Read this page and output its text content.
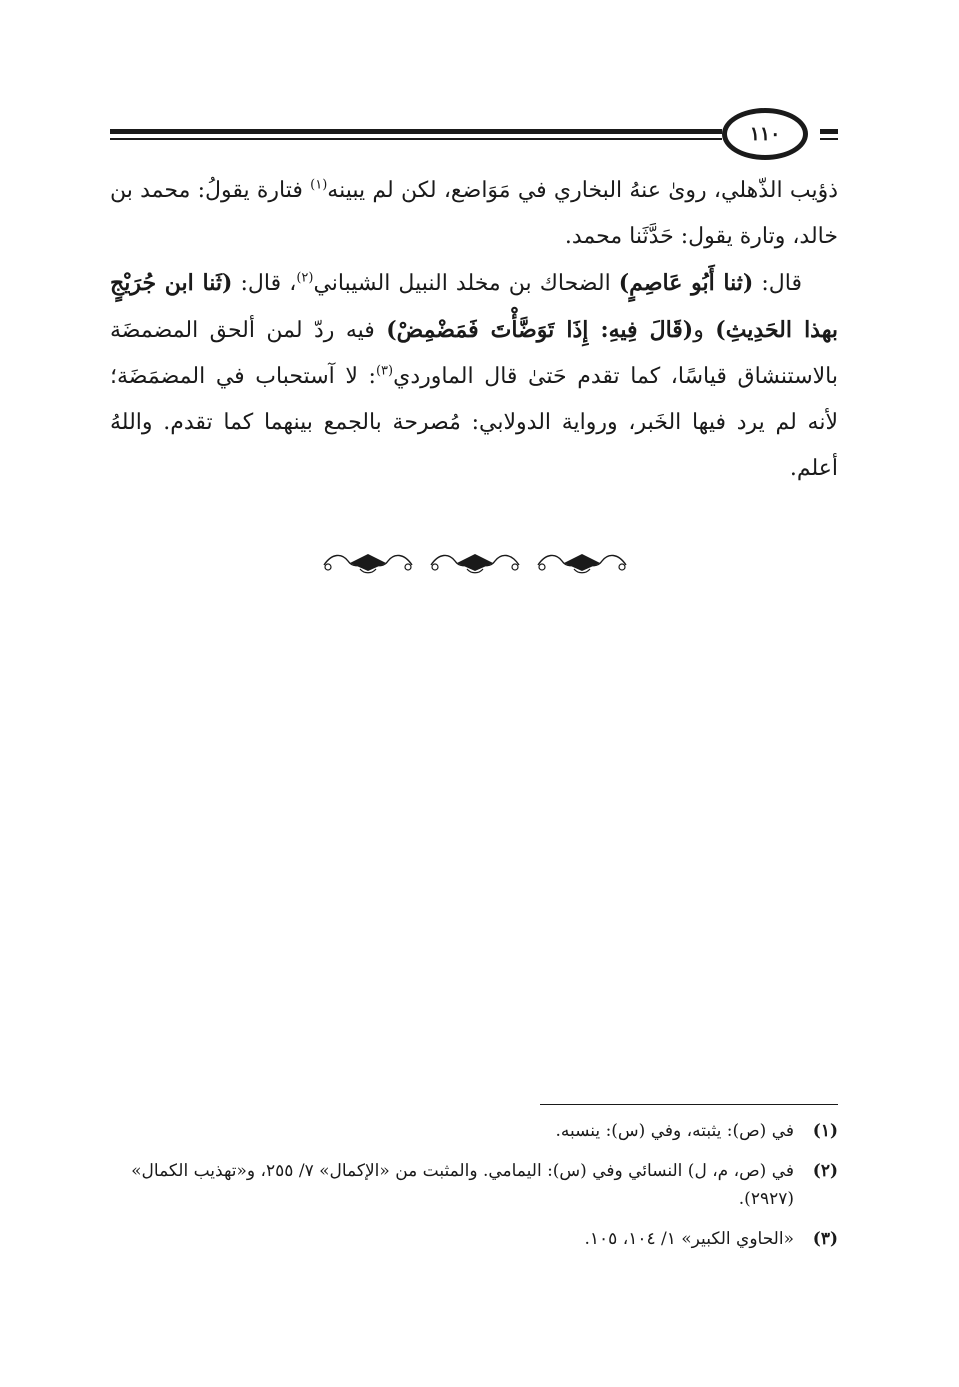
١١٠

ذؤيب الذّهلي، رویٰ عنهُ البخاري في مَوَاضع، لكن لم يبينه$^{(١)}$ فتارة يقولُ: محمد بن خالد، وتارة يقول: حَدَّثَنا محمد.

قال: (ثنا أَبُو عَاصِمٍ) الضحاك بن مخلد النبيل الشيباني$^{(٢)}$، قال: (ثَنا ابن جُرَيْجٍ بهذا الحَدِيثِ) و(قَالَ فِيهِ: إِذَا تَوَضَّأْتَ فَمَضْمِضْ) فيه ردّ لمن ألحق المضمضَة بالاستنشاق قياسًا، كما تقدم حَتىٰ قال الماوردي$^{(٣)}$: لا آستحباب في المضمَضَة؛ لأنه لم يرد فيها الخَبر، ورواية الدولابي: مُصرحة بالجمع بينهما كما تقدم. واللهُ أعلم.

(١)
في (ص): يثبته، وفي (س): ينسبه.
(٢)
في (ص، م، ل) النسائي وفي (س): اليمامي. والمثبت من «الإكمال» ٧/ ٢٥٥، و«تهذيب الكمال» (٢٩٢٧).
(٣)
«الحاوي الكبير» ١/ ١٠٤، ١٠٥.
